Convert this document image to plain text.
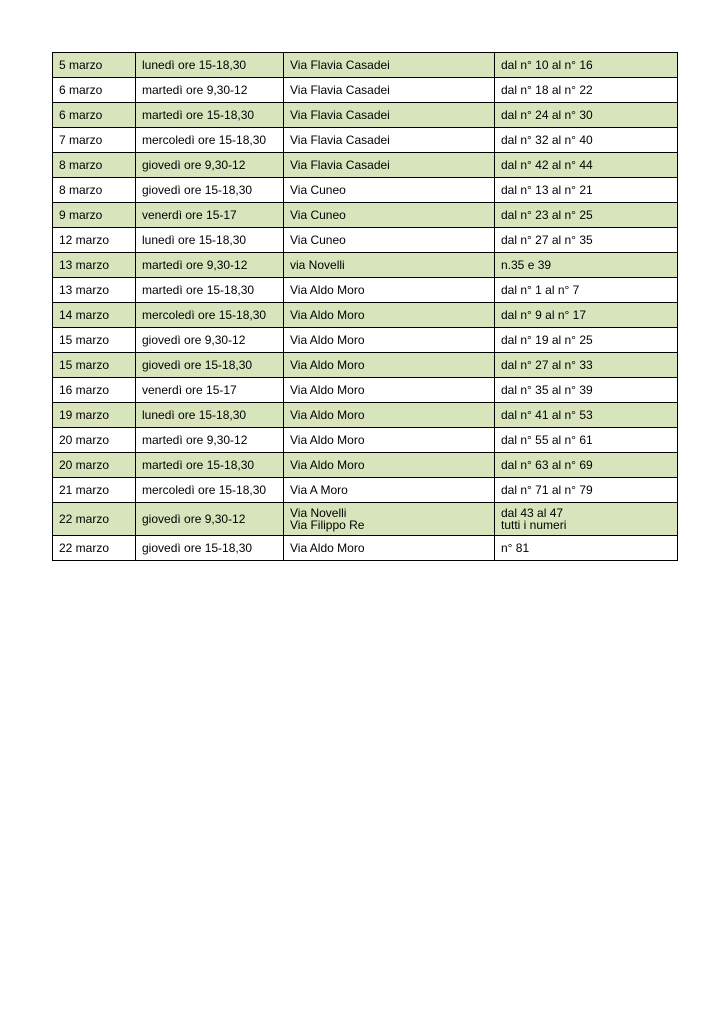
5 marzo	lunedì ore 15-18,30	Via Flavia Casadei	dal n° 10 al n° 16

6 marzo	martedì ore 9,30-12	Via Flavia Casadei	dal n° 18 al n° 22

6 marzo	martedì ore 15-18,30	Via Flavia Casadei	dal n° 24 al n° 30

7 marzo	mercoledì ore 15-18,30	Via Flavia Casadei	dal n° 32 al n° 40

8 marzo	giovedì ore 9,30-12	Via Flavia Casadei	dal n° 42 al n° 44

8 marzo	giovedì ore 15-18,30	Via Cuneo	dal n° 13 al n° 21

9 marzo	venerdì ore 15-17	Via Cuneo	dal n° 23 al n° 25

12 marzo	lunedì ore 15-18,30	Via Cuneo	dal n° 27 al n° 35

13 marzo	martedì ore 9,30-12	via Novelli	n.35 e 39

13 marzo	martedì ore 15-18,30	Via Aldo Moro	dal n° 1 al n° 7

14 marzo	mercoledì ore 15-18,30	Via Aldo Moro	dal n° 9 al n° 17

15 marzo	giovedì ore 9,30-12	Via Aldo Moro	dal n° 19 al n° 25

15 marzo	giovedì ore 15-18,30	Via Aldo Moro	dal n° 27 al n° 33

16 marzo	venerdì ore 15-17	Via Aldo Moro	dal n° 35 al n° 39

19 marzo	lunedì ore 15-18,30	Via Aldo Moro	dal n° 41 al n° 53

20 marzo	martedì ore 9,30-12	Via Aldo Moro	dal n° 55 al n° 61

20 marzo	martedì ore 15-18,30	Via Aldo Moro	dal n° 63 al n° 69

21 marzo	mercoledì ore 15-18,30	Via A Moro	dal n° 71 al n° 79

22 marzo	giovedì ore 9,30-12	Via Novelli
Via Filippo Re	dal 43 al 47
tutti i numeri

22 marzo	giovedì ore 15-18,30	Via Aldo Moro	n° 81
